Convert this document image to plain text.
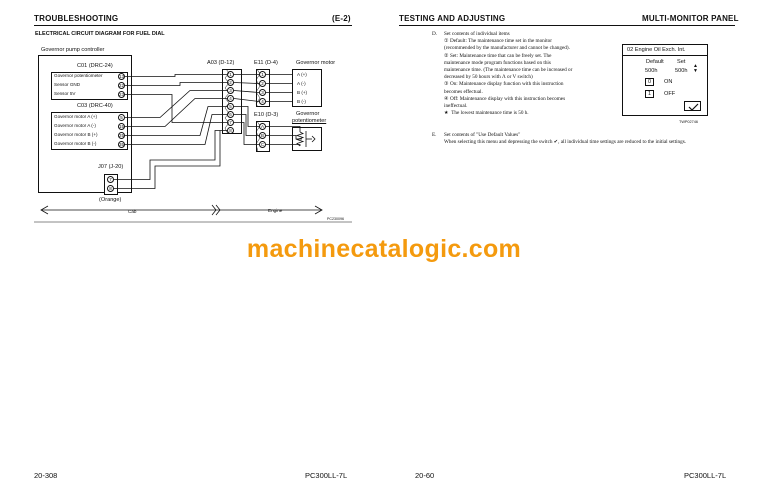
TROUBLESHOOTING	(E-2)
ELECTRICAL CIRCUIT DIAGRAM FOR FUEL DIAL
Governor pump controller
C01 (DRC-24)
Governor potentiometer
Sensor GND
Sensor 5V
13
22
23
C03 (DRC-40)
Governor motor A (+)
Governor motor A (-)
Governor motor B (+)
Governor motor B (-)
5
15
25
35
A03 (D-12)
1
2
3
4
5
6
7
8
E11 (D-4)
1
2
3
4
Governor motor
A (+)
A (-)
B (+)
B (-)
E10 (D-3)
A
B
C
Governor
potentiometer
J07 (J-20)
7
8
(Orange)
Cab	Engine
PC230096
20-308	PC300LL-7L
TESTING AND ADJUSTING	MULTI-MONITOR PANEL
D. Set contents of individual items
① Default: The maintenance time set in the monitor
(recommended by the manufacturer and cannot be changed).
② Set: Maintenance time that can be freely set. The
maintenance mode program functions based on this
maintenance time. (The maintenance time can be increased or
decreased by 50 hours with Λ or V switch)
③ On: Maintenance display function with this instruction
becomes effectual.
④ Off: Maintenance display with this instruction becomes
ineffectual.
★ The lowest maintenance time is 50 h.
02 Engine Oil Exch. Int.
Default Set
500h	500h
▲
▼
0	ON
1	OFF
TWP02746
E. Set contents of "Use Default Values"
When selecting this menu and depressing the switch ✔, all individual time settings are reduced to the initial settings.
20-60	PC300LL-7L
machinecatalogic.com
